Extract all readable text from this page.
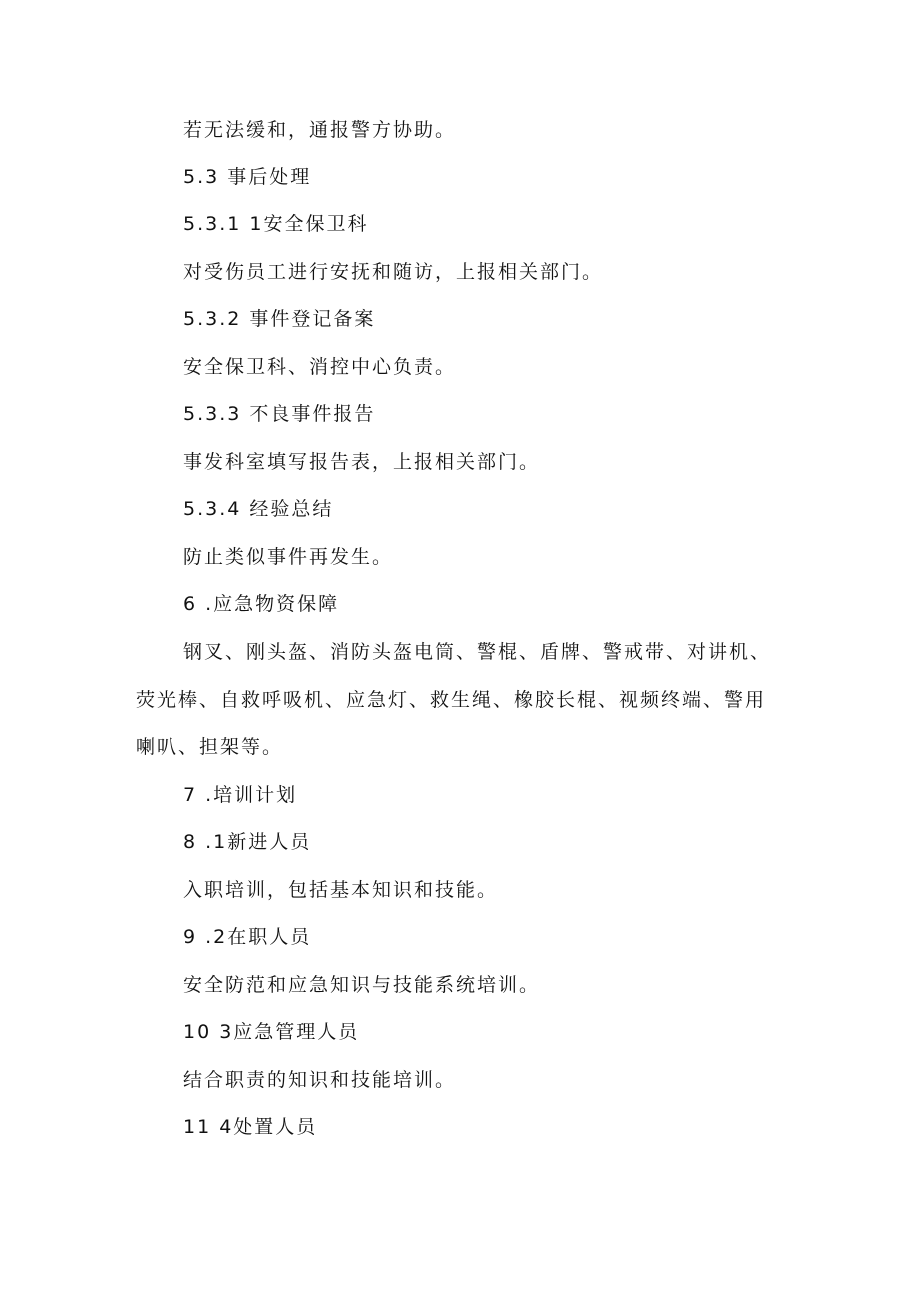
若无法缓和，通报警方协助。
5.3 事后处理
5.3.1 1安全保卫科
对受伤员工进行安抚和随访，上报相关部门。
5.3.2 事件登记备案
安全保卫科、消控中心负责。
5.3.3 不良事件报告
事发科室填写报告表，上报相关部门。
5.3.4 经验总结
防止类似事件再发生。
6 .应急物资保障
钢叉、刚头盔、消防头盔电筒、警棍、盾牌、警戒带、对讲机、
荧光棒、自救呼吸机、应急灯、救生绳、橡胶长棍、视频终端、警用
喇叭、担架等。
7 .培训计划
8 .1新进人员
入职培训，包括基本知识和技能。
9 .2在职人员
安全防范和应急知识与技能系统培训。
10 3应急管理人员
结合职责的知识和技能培训。
11 4处置人员
